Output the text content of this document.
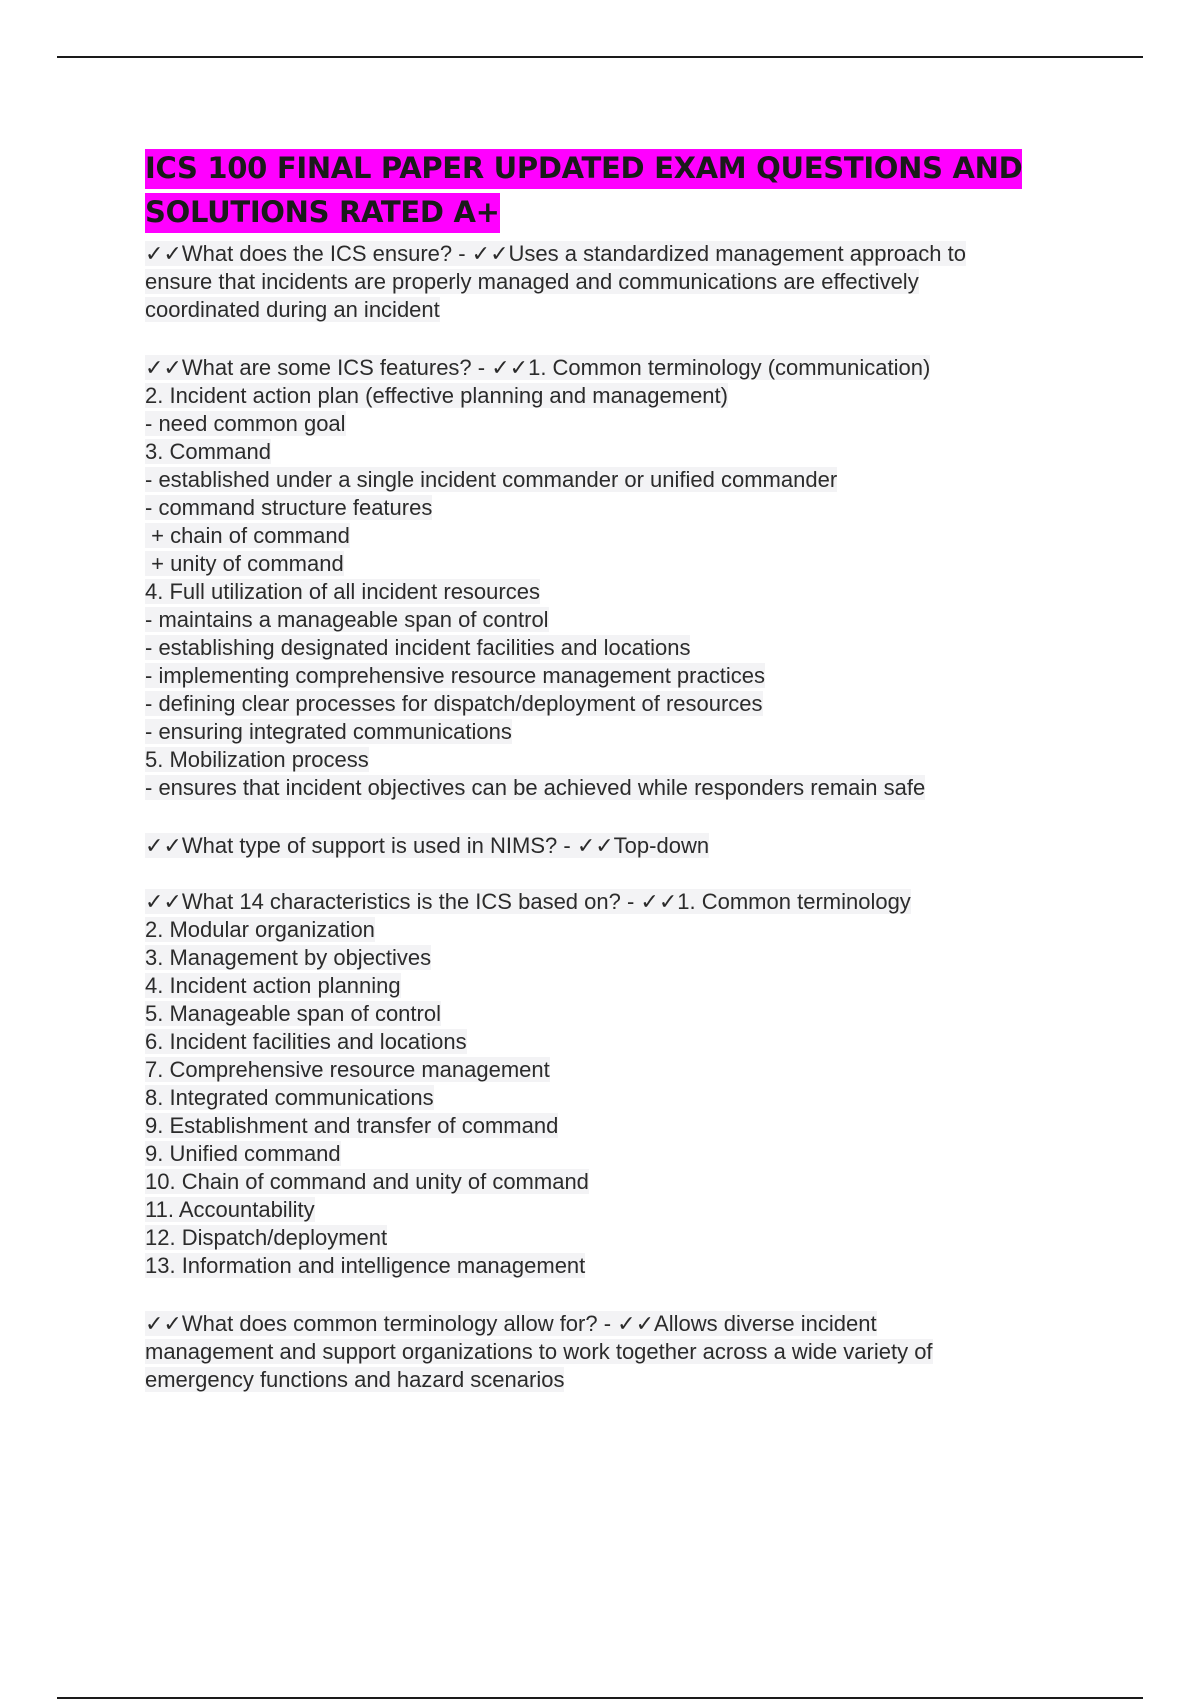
ICS 100 FINAL PAPER UPDATED EXAM QUESTIONS AND
SOLUTIONS RATED A+
✓✓What does the ICS ensure? - ✓✓Uses a standardized management approach to
ensure that incidents are properly managed and communications are effectively
coordinated during an incident
✓✓What are some ICS features? - ✓✓1. Common terminology (communication)
2. Incident action plan (effective planning and management)
- need common goal
3. Command
- established under a single incident commander or unified commander
- command structure features
+ chain of command
+ unity of command
4. Full utilization of all incident resources
- maintains a manageable span of control
- establishing designated incident facilities and locations
- implementing comprehensive resource management practices
- defining clear processes for dispatch/deployment of resources
- ensuring integrated communications
5. Mobilization process
- ensures that incident objectives can be achieved while responders remain safe
✓✓What type of support is used in NIMS? - ✓✓Top-down
✓✓What 14 characteristics is the ICS based on? - ✓✓1. Common terminology
2. Modular organization
3. Management by objectives
4. Incident action planning
5. Manageable span of control
6. Incident facilities and locations
7. Comprehensive resource management
8. Integrated communications
9. Establishment and transfer of command
9. Unified command
10. Chain of command and unity of command
11. Accountability
12. Dispatch/deployment
13. Information and intelligence management
✓✓What does common terminology allow for? - ✓✓Allows diverse incident
management and support organizations to work together across a wide variety of
emergency functions and hazard scenarios
